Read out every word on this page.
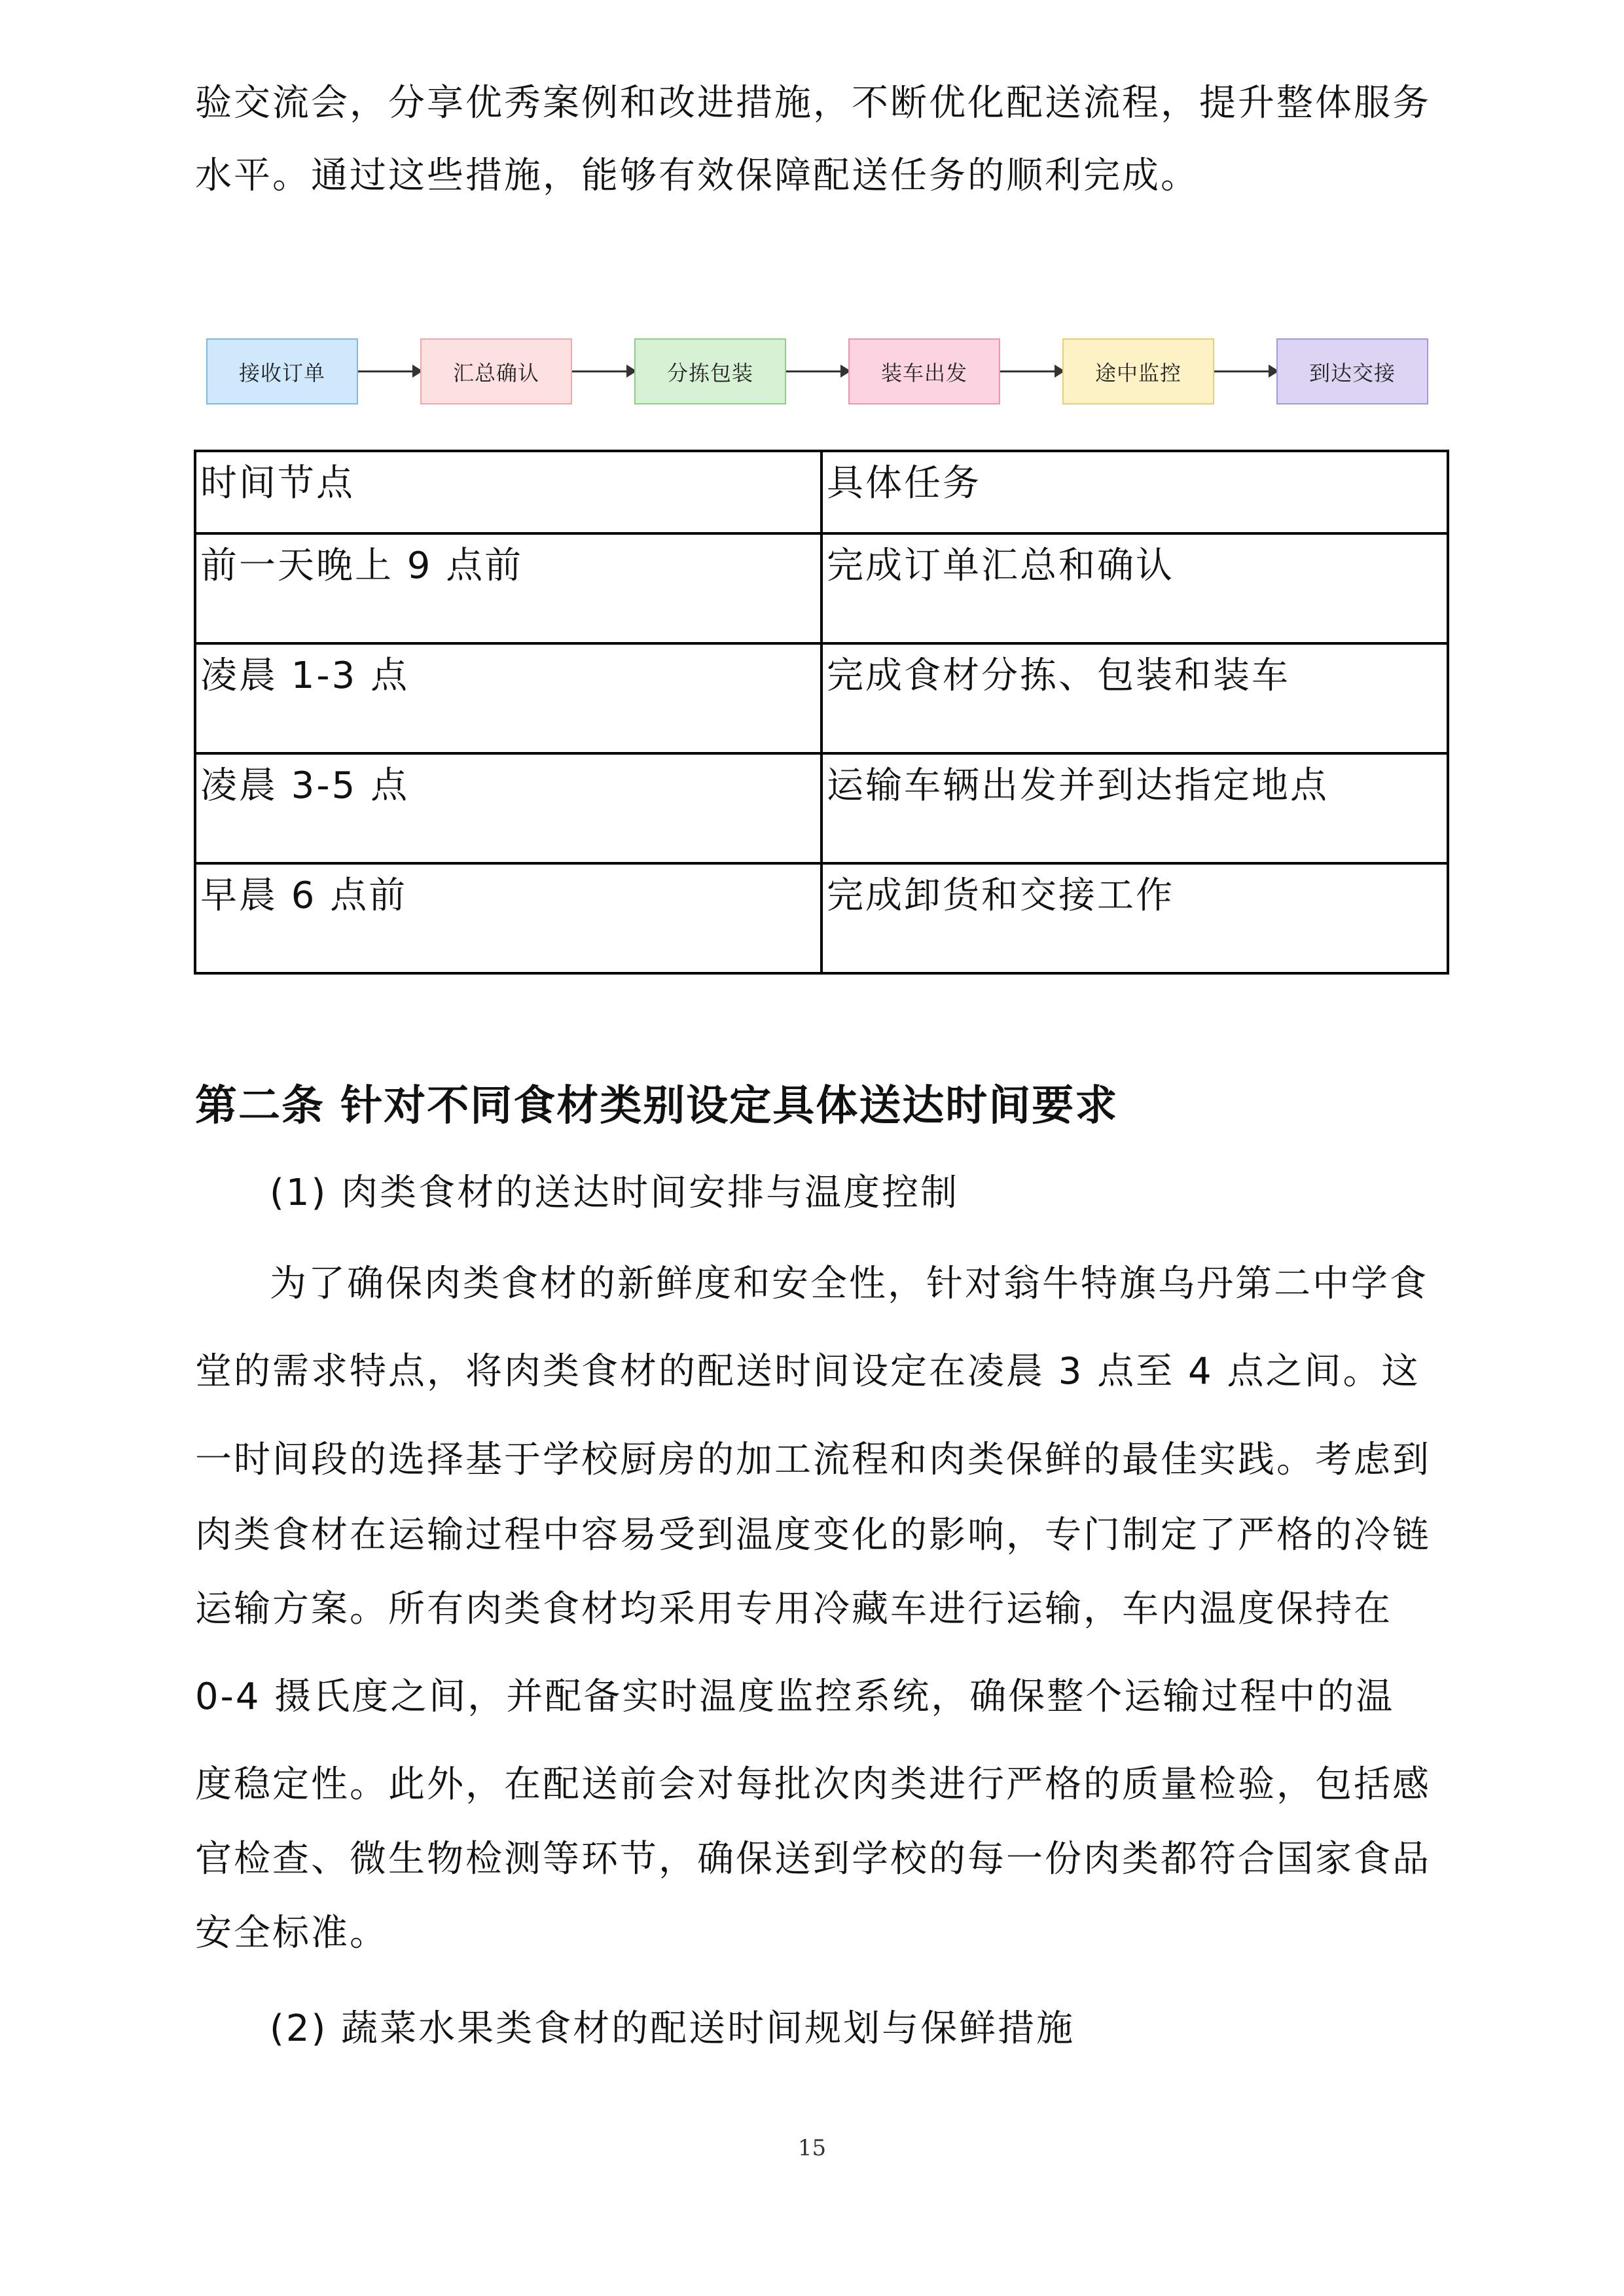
验交流会，分享优秀案例和改进措施，不断优化配送流程，提升整体服务

水平。通过这些措施，能够有效保障配送任务的顺利完成。

接收订单	汇总确认	分拣包装	装车出发	途中监控	到达交接
时间节点	具体任务
前一天晚上 9 点前	完成订单汇总和确认
凌晨 1-3 点	完成食材分拣、包装和装车
凌晨 3-5 点	运输车辆出发并到达指定地点
早晨 6 点前	完成卸货和交接工作
第二条 针对不同食材类别设定具体送达时间要求

(1) 肉类食材的送达时间安排与温度控制

为了确保肉类食材的新鲜度和安全性，针对翁牛特旗乌丹第二中学食

堂的需求特点，将肉类食材的配送时间设定在凌晨 3 点至 4 点之间。这

一时间段的选择基于学校厨房的加工流程和肉类保鲜的最佳实践。考虑到

肉类食材在运输过程中容易受到温度变化的影响，专门制定了严格的冷链

运输方案。所有肉类食材均采用专用冷藏车进行运输，车内温度保持在

0-4 摄氏度之间，并配备实时温度监控系统，确保整个运输过程中的温

度稳定性。此外，在配送前会对每批次肉类进行严格的质量检验，包括感

官检查、微生物检测等环节，确保送到学校的每一份肉类都符合国家食品

安全标准。

(2) 蔬菜水果类食材的配送时间规划与保鲜措施

15
